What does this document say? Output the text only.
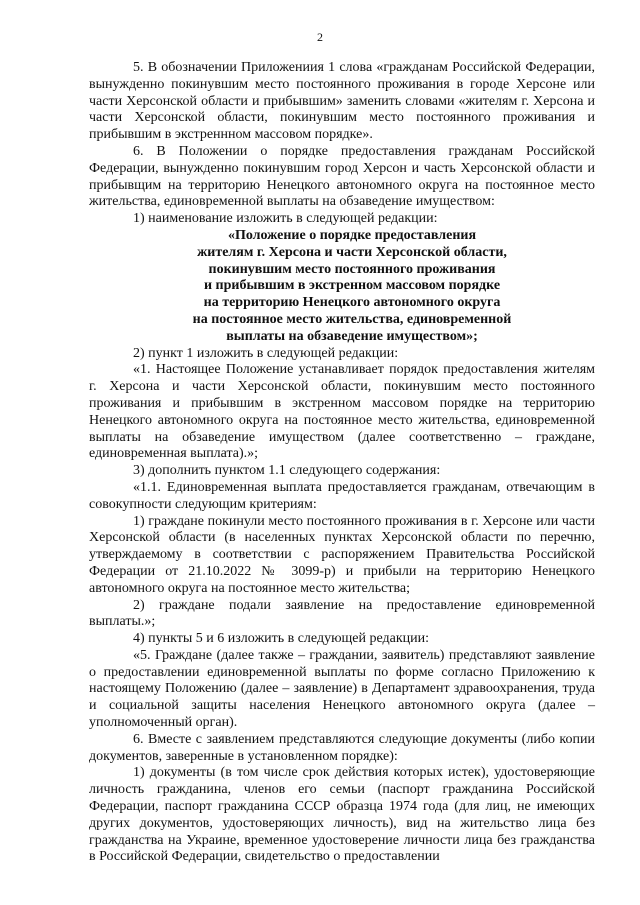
2

5. В обозначении Приложениия 1 слова «гражданам Российской Федерации, вынужденно покинувшим место постоянного проживания в городе Херсоне или части Херсонской области и прибывшим» заменить словами «жителям г. Херсона и части Херсонской области, покинувшим место постоянного проживания и прибывшим в экстреннном массовом порядке».

6. В Положении о порядке предоставления гражданам Российской Федерации, вынужденно покинувшим город Херсон и часть Херсонской области и прибывщим на территорию Ненецкого автономного округа на постоянное место жительства, единовременной выплаты на обзаведение имуществом:

1) наименование изложить в следующей редакции:

«Положение о порядке предоставления
жителям г. Херсона и части Херсонской области,
покинувшим место постоянного проживания
и прибывшим в экстренном массовом порядке
на территорию Ненецкого автономного округа
на постоянное место жительства, единовременной
выплаты на обзаведение имуществом»;

2) пункт 1 изложить в следующей редакции:

«1. Настоящее Положение устанавливает порядок предоставления жителям г. Херсона и части Херсонской области, покинувшим место постоянного проживания и прибывшим в экстренном массовом порядке на территорию Ненецкого автономного округа на постоянное место жительства, единовременной выплаты на обзаведение имуществом (далее соответственно – граждане, единовременная выплата).»;

3) дополнить пунктом 1.1 следующего содержания:

«1.1. Единовременная выплата предоставляется гражданам, отвечающим в совокупности следующим критериям:

1) граждане покинули место постоянного проживания в г. Херсоне или части Херсонской области (в населенных пунктах Херсонской области по перечню, утверждаемому в соответствии с распоряжением Правительства Российской Федерации от 21.10.2022 № 3099-р) и прибыли на территорию Ненецкого автономного округа на постоянное место жительства;

2) граждане подали заявление на предоставление единовременной выплаты.»;

4) пункты 5 и 6 изложить в следующей редакции:

«5. Граждане (далее также – граждании, заявитель) представляют заявление о предоставлении единовременной выплаты по форме согласно Приложению к настоящему Положению (далее – заявление) в Департамент здравоохранения, труда и социальной защиты населения Ненецкого автономного округа (далее – уполномоченный орган).

6. Вместе с заявлением представляются следующие документы (либо копии документов, заверенные в установленном порядке):

1) документы (в том числе срок действия которых истек), удостоверяющие личность гражданина, членов его семьи (паспорт гражданина Российской Федерации, паспорт гражданина СССР образца 1974 года (для лиц, не имеющих других документов, удостоверяющих личность), вид на жительство лица без гражданства на Украине, временное удостоверение личности лица без гражданства в Российской Федерации, свидетельство о предоставлении
